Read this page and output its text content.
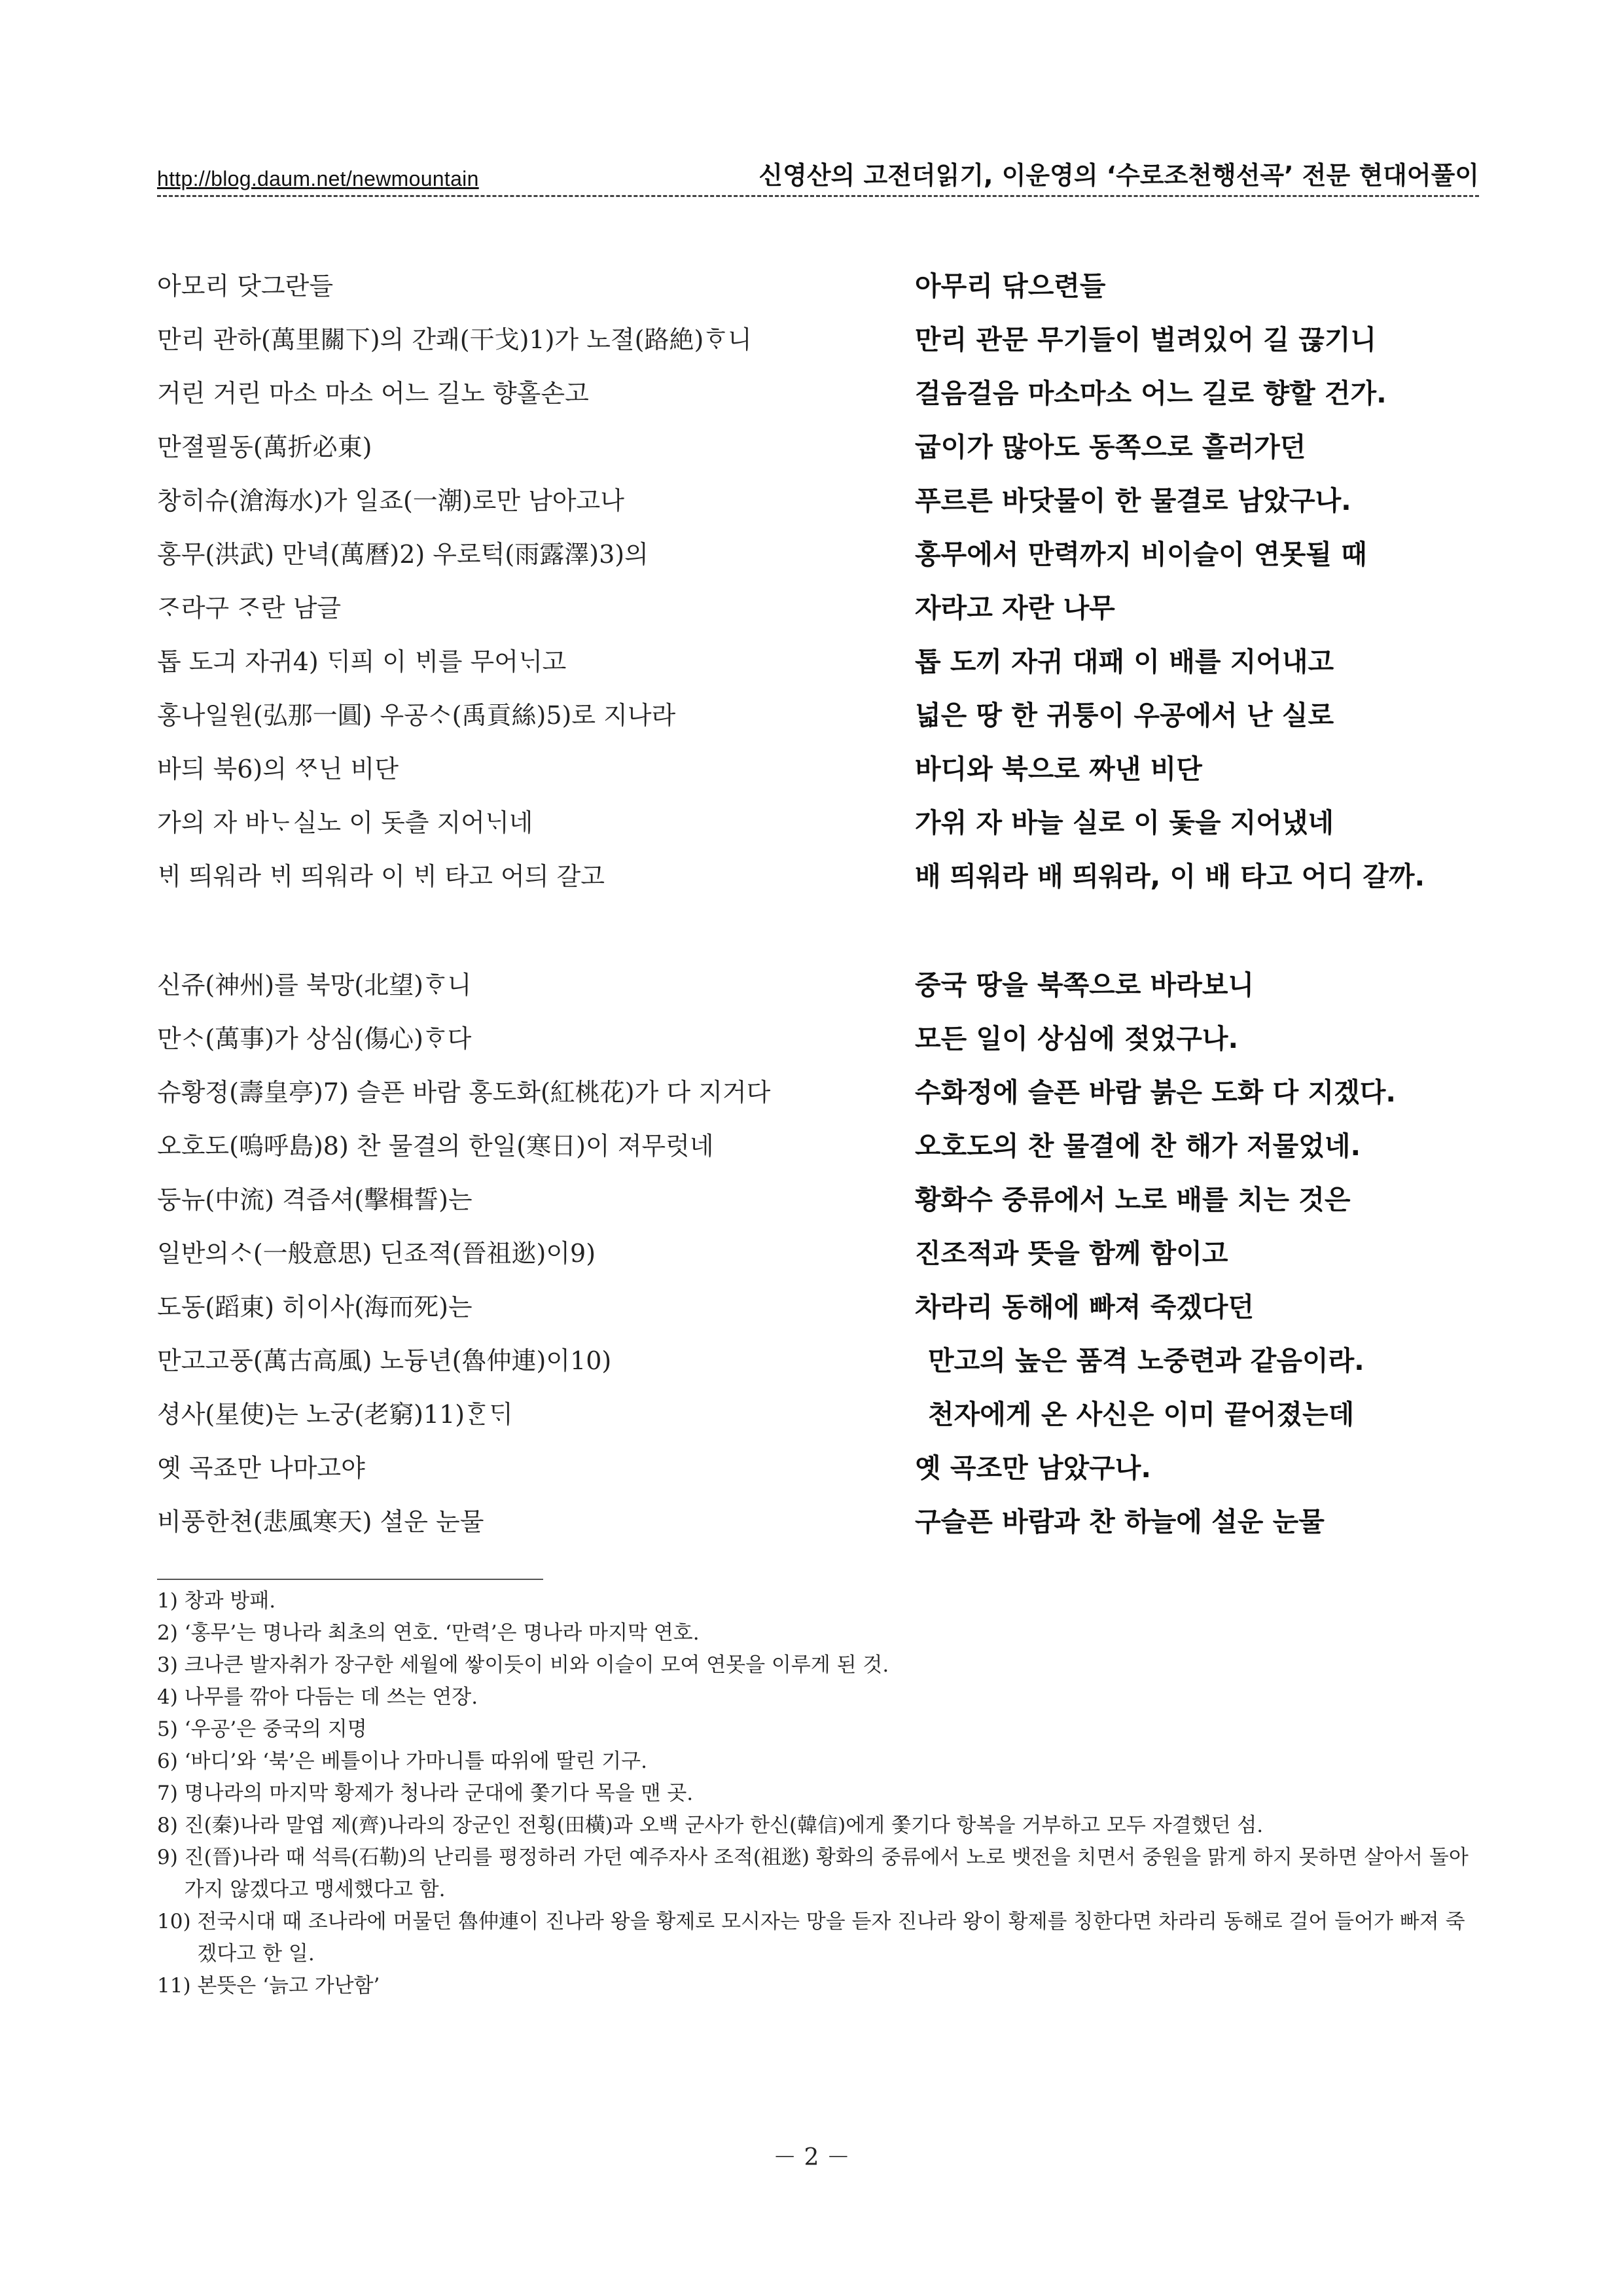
http://blog.daum.net/newmountain	신영산의 고전더읽기, 이운영의 ‘수로조천행선곡’ 전문 현대어풀이
아모리 닷그란들	아무리 닦으련들
만리 관하(萬里關下)의 간쾌(干戈)1)가 노졀(路絶)ᄒᆞ니	만리 관문 무기들이 벌려있어 길 끊기니
거린 거린 마소 마소 어느 길노 향홀손고	걸음걸음 마소마소 어느 길로 향할 건가.
만졀필동(萬折必東)	굽이가 많아도 동쪽으로 흘러가던
창히슈(滄海水)가 일죠(一潮)로만 남아고나	푸르른 바닷물이 한 물결로 남았구나.
홍무(洪武) 만녁(萬曆)2) 우로턱(雨露澤)3)의	홍무에서 만력까지 비이슬이 연못될 때
ᄌᆞ라구 ᄌᆞ란 남글	자라고 자란 나무
톱 도긔 자귀4) ᄃᆡ픠 이 ᄇᆡ를 무어ᄂᆡ고	톱 도끼 자귀 대패 이 배를 지어내고
홍나일원(弘那一圓) 우공ᄉᆞ(禹貢絲)5)로 지나라	넓은 땅 한 귀퉁이 우공에서 난 실로
바듸 북6)의 ᄶᆞ닌 비단	바디와 북으로 짜낸 비단
가의 자 바ᄂᆞ실노 이 돗츨 지어ᄂᆡ네	가위 자 바늘 실로 이 돛을 지어냈네
ᄇᆡ 띄워라 ᄇᆡ 띄워라 이 ᄇᆡ 타고 어듸 갈고	배 띄워라 배 띄워라, 이 배 타고 어디 갈까.
신쥬(神州)를 북망(北望)ᄒᆞ니	중국 땅을 북쪽으로 바라보니
만ᄉᆞ(萬事)가 상심(傷心)ᄒᆞ다	모든 일이 상심에 젖었구나.
슈황졍(壽皇亭)7) 슬픈 바람 홍도화(紅桃花)가 다 지거다	수화정에 슬픈 바람 붉은 도화 다 지겠다.
오호도(嗚呼島)8) 찬 물결의 한일(寒日)이 져무럿네	오호도의 찬 물결에 찬 해가 저물었네.
둥뉴(中流) 격즙셔(擊楫誓)는	황화수 중류에서 노로 배를 치는 것은
일반의ᄉᆞ(一般意思) 딘죠젹(晉祖逖)이9)	진조적과 뜻을 함께 함이고
도동(蹈東) 히이사(海而死)는	차라리 동해에 빠져 죽겠다던
만고고풍(萬古高風) 노듕년(魯仲連)이10)	만고의 높은 품격 노중련과 같음이라.
셩사(星使)는 노궁(老窮)11)ᄒᆞᆫᄃᆡ	천자에게 온 사신은 이미 끝어졌는데
옛 곡죠만 나마고야	옛 곡조만 남았구나.
비풍한쳔(悲風寒天) 셜운 눈물	구슬픈 바람과 찬 하늘에 설운 눈물
1) 창과 방패.
2) ‘홍무’는 명나라 최초의 연호. ‘만력’은 명나라 마지막 연호.
3) 크나큰 발자취가 장구한 세월에 쌓이듯이 비와 이슬이 모여 연못을 이루게 된 것.
4) 나무를 깎아 다듬는 데 쓰는 연장.
5) ‘우공’은 중국의 지명
6) ‘바디’와 ‘북’은 베틀이나 가마니틀 따위에 딸린 기구.
7) 명나라의 마지막 황제가 청나라 군대에 쫓기다 목을 맨 곳.
8) 진(秦)나라 말엽 제(齊)나라의 장군인 전횡(田橫)과 오백 군사가 한신(韓信)에게 쫓기다 항복을 거부하고 모두 자결했던 섬.
9) 진(晉)나라 때 석륵(石勒)의 난리를 평정하러 가던 예주자사 조적(祖逖) 황화의 중류에서 노로 뱃전을 치면서 중원을 맑게 하지 못하면 살아서 돌아가지 않겠다고 맹세했다고 함.
10) 전국시대 때 조나라에 머물던 魯仲連이 진나라 왕을 황제로 모시자는 망을 듣자 진나라 왕이 황제를 칭한다면 차라리 동해로 걸어 들어가 빠져 죽겠다고 한 일.
11) 본뜻은 ‘늙고 가난함’
－ 2 －
